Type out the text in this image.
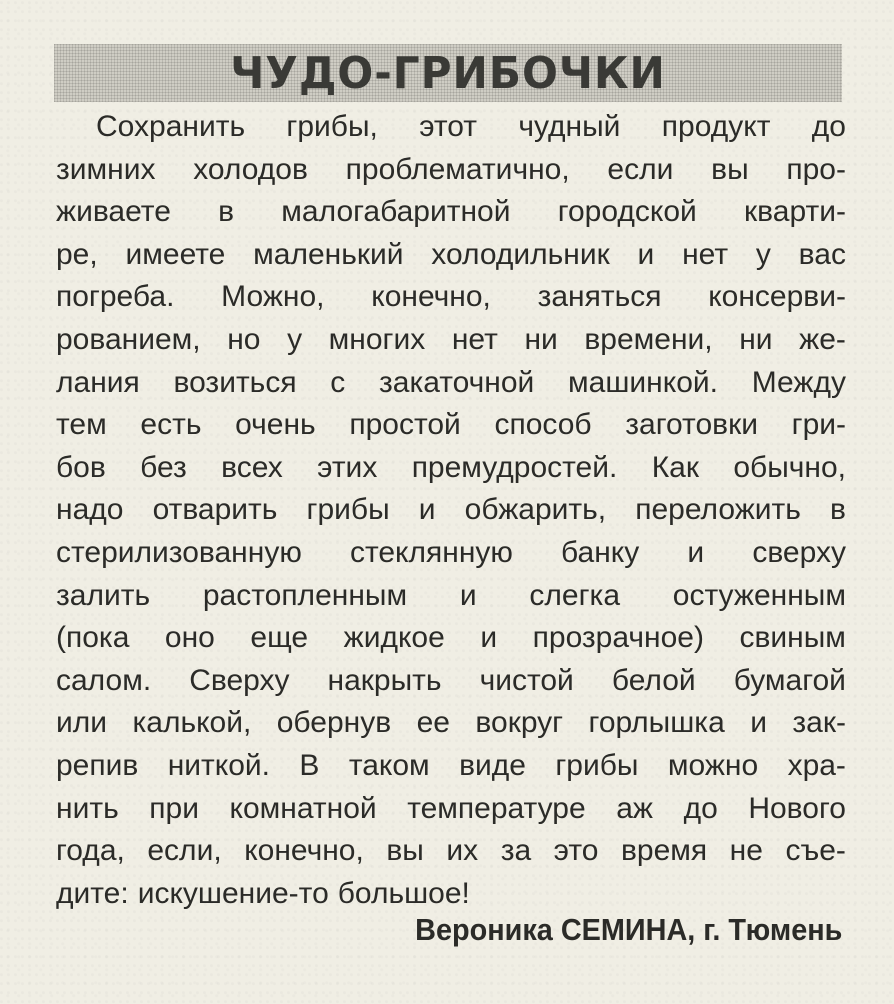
ЧУДО-ГРИБОЧКИ
Сохранить грибы, этот чудный продукт до
зимних холодов проблематично, если вы про-
живаете в малогабаритной городской кварти-
ре, имеете маленький холодильник и нет у вас
погреба. Можно, конечно, заняться консерви-
рованием, но у многих нет ни времени, ни же-
лания возиться с закаточной машинкой. Между
тем есть очень простой способ заготовки гри-
бов без всех этих премудростей. Как обычно,
надо отварить грибы и обжарить, переложить в
стерилизованную стеклянную банку и сверху
залить растопленным и слегка остуженным
(пока оно еще жидкое и прозрачное) свиным
салом. Сверху накрыть чистой белой бумагой
или калькой, обернув ее вокруг горлышка и зак-
репив ниткой. В таком виде грибы можно хра-
нить при комнатной температуре аж до Нового
года, если, конечно, вы их за это время не съе-
дите: искушение-то большое!
Вероника СЕМИНА, г. Тюмень
